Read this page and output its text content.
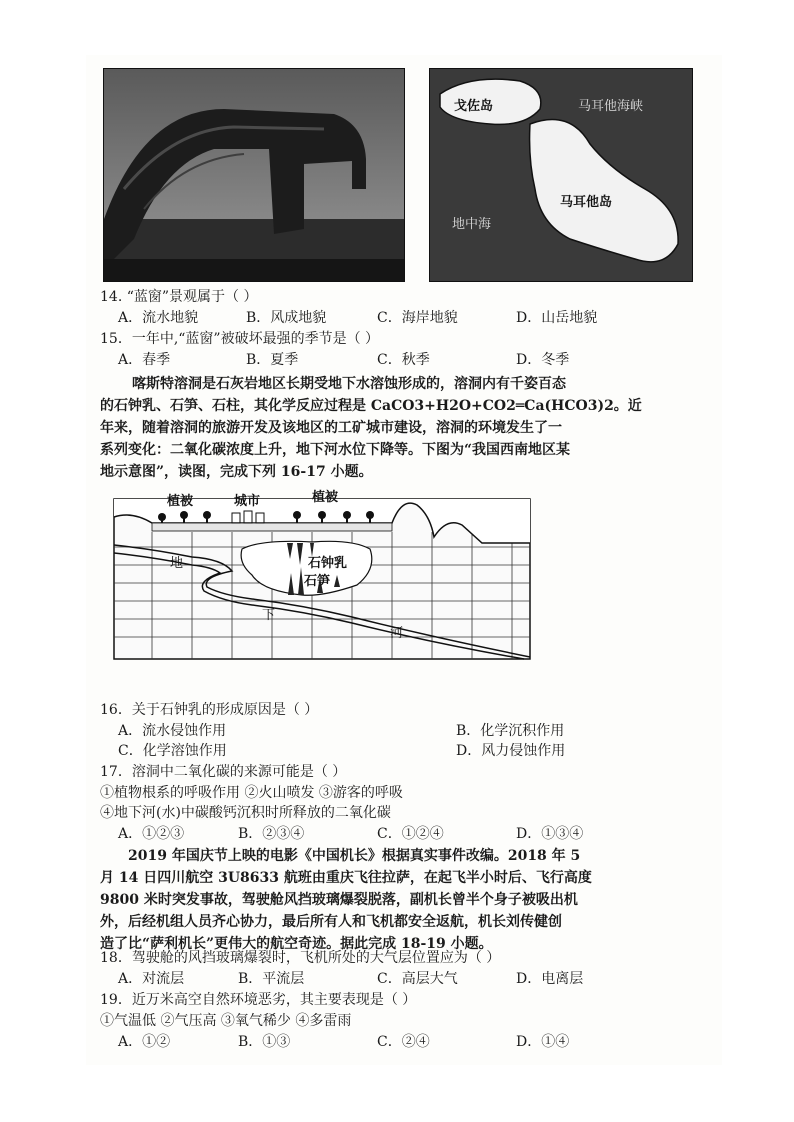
戈佐岛	马耳他海峡
马耳他岛
地中海
14. “蓝窗”景观属于（ ）
A．流水地貌	B．风成地貌	C．海岸地貌	D．山岳地貌
15．一年中,“蓝窗”被破坏最强的季节是（ ）
A．春季	B．夏季	C．秋季	D．冬季
喀斯特溶洞是石灰岩地区长期受地下水溶蚀形成的，溶洞内有千姿百态
的石钟乳、石笋、石柱，其化学反应过程是 CaCO3+H2O+CO2═Ca(HCO3)2。近
年来，随着溶洞的旅游开发及该地区的工矿城市建设，溶洞的环境发生了一
系列变化：二氧化碳浓度上升，地下河水位下降等。下图为“我国西南地区某
地示意图”，读图，完成下列 16-17 小题。
植被	城市	植被
石钟乳
石笋
地
下
河
16．关于石钟乳的形成原因是（ ）
A．流水侵蚀作用	B．化学沉积作用
C．化学溶蚀作用	D．风力侵蚀作用
17．溶洞中二氧化碳的来源可能是（ ）
①植物根系的呼吸作用 ②火山喷发 ③游客的呼吸
④地下河(水)中碳酸钙沉积时所释放的二氧化碳
A．①②③	B．②③④	C．①②④	D．①③④
2019 年国庆节上映的电影《中国机长》根据真实事件改编。2018 年 5
月 14 日四川航空 3U8633 航班由重庆飞往拉萨，在起飞半小时后、飞行高度
9800 米时突发事故，驾驶舱风挡玻璃爆裂脱落，副机长曾半个身子被吸出机
外，后经机组人员齐心协力，最后所有人和飞机都安全返航，机长刘传健创
造了比“萨利机长”更伟大的航空奇迹。据此完成 18-19 小题。
18．驾驶舱的风挡玻璃爆裂时，飞机所处的大气层位置应为（ ）
A．对流层	B．平流层	C．高层大气	D．电离层
19．近万米高空自然环境恶劣，其主要表现是（ ）
①气温低 ②气压高 ③氧气稀少 ④多雷雨
A．①②	B．①③	C．②④	D．①④
